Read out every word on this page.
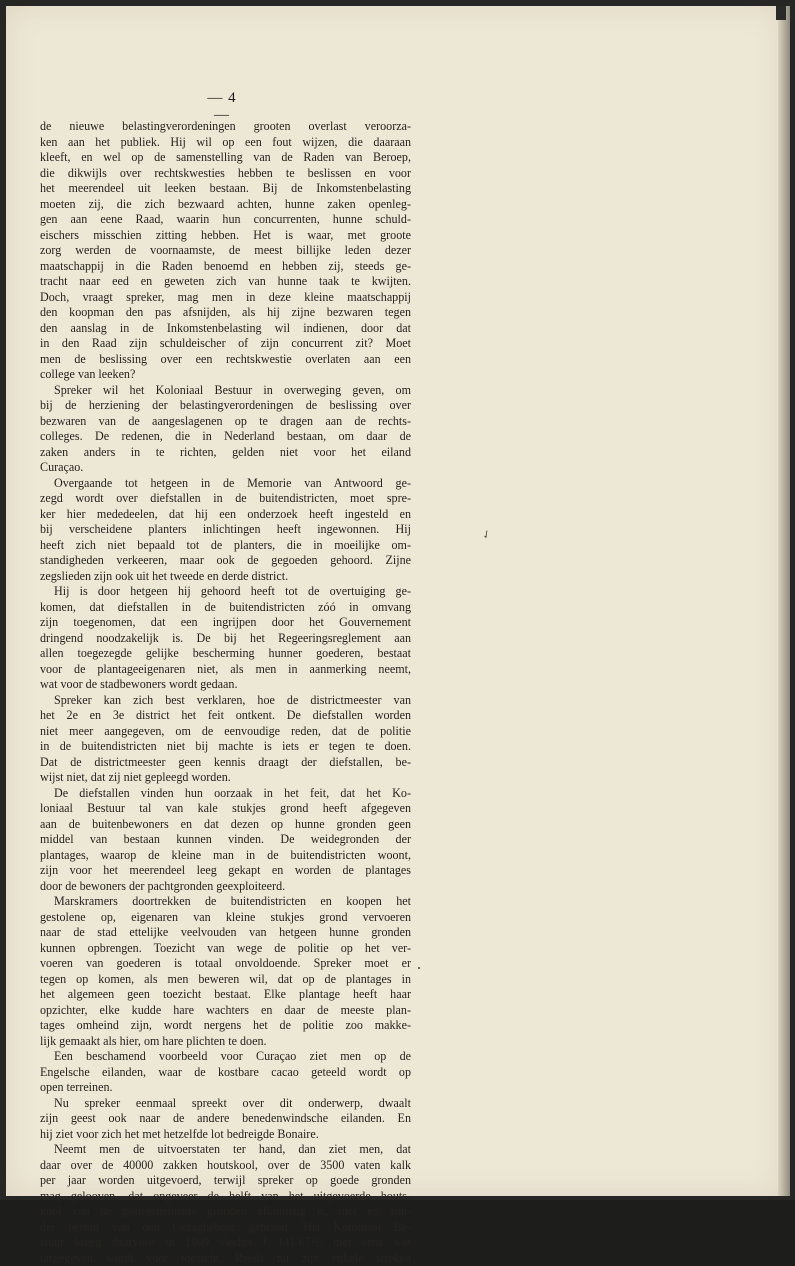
— 4 —
de nieuwe belastingverordeningen grooten overlast veroorza-
ken aan het publiek. Hij wil op een fout wijzen, die daaraan
kleeft, en wel op de samenstelling van de Raden van Beroep,
die dikwijls over rechtskwesties hebben te beslissen en voor
het meerendeel uit leeken bestaan. Bij de Inkomstenbelasting
moeten zij, die zich bezwaard achten, hunne zaken openleg-
gen aan eene Raad, waarin hun concurrenten, hunne schuld-
eischers misschien zitting hebben. Het is waar, met groote
zorg werden de voornaamste, de meest billijke leden dezer
maatschappij in die Raden benoemd en hebben zij, steeds ge-
tracht naar eed en geweten zich van hunne taak te kwijten.
Doch, vraagt spreker, mag men in deze kleine maatschappij
den koopman den pas afsnijden, als hij zijne bezwaren tegen
den aanslag in de Inkomstenbelasting wil indienen, door dat
in den Raad zijn schuldeischer of zijn concurrent zit? Moet
men de beslissing over een rechtskwestie overlaten aan een
college van leeken?
Spreker wil het Koloniaal Bestuur in overweging geven, om
bij de herziening der belastingverordeningen de beslissing over
bezwaren van de aangeslagenen op te dragen aan de rechts-
colleges. De redenen, die in Nederland bestaan, om daar de
zaken anders in te richten, gelden niet voor het eiland
Curaçao.
Overgaande tot hetgeen in de Memorie van Antwoord ge-
zegd wordt over diefstallen in de buitendistricten, moet spre-
ker hier mededeelen, dat hij een onderzoek heeft ingesteld en
bij verscheidene planters inlichtingen heeft ingewonnen. Hij
heeft zich niet bepaald tot de planters, die in moeilijke om-
standigheden verkeeren, maar ook de gegoeden gehoord. Zijne
zegslieden zijn ook uit het tweede en derde district.
Hij is door hetgeen hij gehoord heeft tot de overtuiging ge-
komen, dat diefstallen in de buitendistricten zóó in omvang
zijn toegenomen, dat een ingrijpen door het Gouvernement
dringend noodzakelijk is. De bij het Regeeringsreglement aan
allen toegezegde gelijke bescherming hunner goederen, bestaat
voor de plantageeigenaren niet, als men in aanmerking neemt,
wat voor de stadbewoners wordt gedaan.
Spreker kan zich best verklaren, hoe de districtmeester van
het 2e en 3e district het feit ontkent. De diefstallen worden
niet meer aangegeven, om de eenvoudige reden, dat de politie
in de buitendistricten niet bij machte is iets er tegen te doen.
Dat de districtmeester geen kennis draagt der diefstallen, be-
wijst niet, dat zij niet gepleegd worden.
De diefstallen vinden hun oorzaak in het feit, dat het Ko-
loniaal Bestuur tal van kale stukjes grond heeft afgegeven
aan de buitenbewoners en dat dezen op hunne gronden geen
middel van bestaan kunnen vinden. De weidegronden der
plantages, waarop de kleine man in de buitendistricten woont,
zijn voor het meerendeel leeg gekapt en worden de plantages
door de bewoners der pachtgronden geexploiteerd.
Marskramers doortrekken de buitendistricten en koopen het
gestolene op, eigenaren van kleine stukjes grond vervoeren
naar de stad ettelijke veelvouden van hetgeen hunne gronden
kunnen opbrengen. Toezicht van wege de politie op het ver-
voeren van goederen is totaal onvoldoende. Spreker moet er
tegen op komen, als men beweren wil, dat op de plantages in
het algemeen geen toezicht bestaat. Elke plantage heeft haar
opzichter, elke kudde hare wachters en daar de meeste plan-
tages omheind zijn, wordt nergens het de politie zoo makke-
lijk gemaakt als hier, om hare plichten te doen.
Een beschamend voorbeeld voor Curaçao ziet men op de
Engelsche eilanden, waar de kostbare cacao geteeld wordt op
open terreinen.
Nu spreker eenmaal spreekt over dit onderwerp, dwaalt
zijn geest ook naar de andere benedenwindsche eilanden. En
hij ziet voor zich het met hetzelfde lot bedreigde Bonaire.
Neemt men de uitvoerstaten ter hand, dan ziet men, dat
daar over de 40000 zakken houtskool, over de 3500 vaten kalk
per jaar worden uitgevoerd, terwijl spreker op goede gronden
mag gelooven, dat ongeveer de helft van het uitgevoerde houts-
kool van de gouvernements gronden afkomstig is, met en zon-
der permit van den Gezaghebber gebrand. Het Koloniaal Be-
stuur kreeg daarvoor in 1909 slechts f 141.67½, niet eens wat
uitgegeven wordt voor toezicht. Reeds nu zijn enkele streken
✓
